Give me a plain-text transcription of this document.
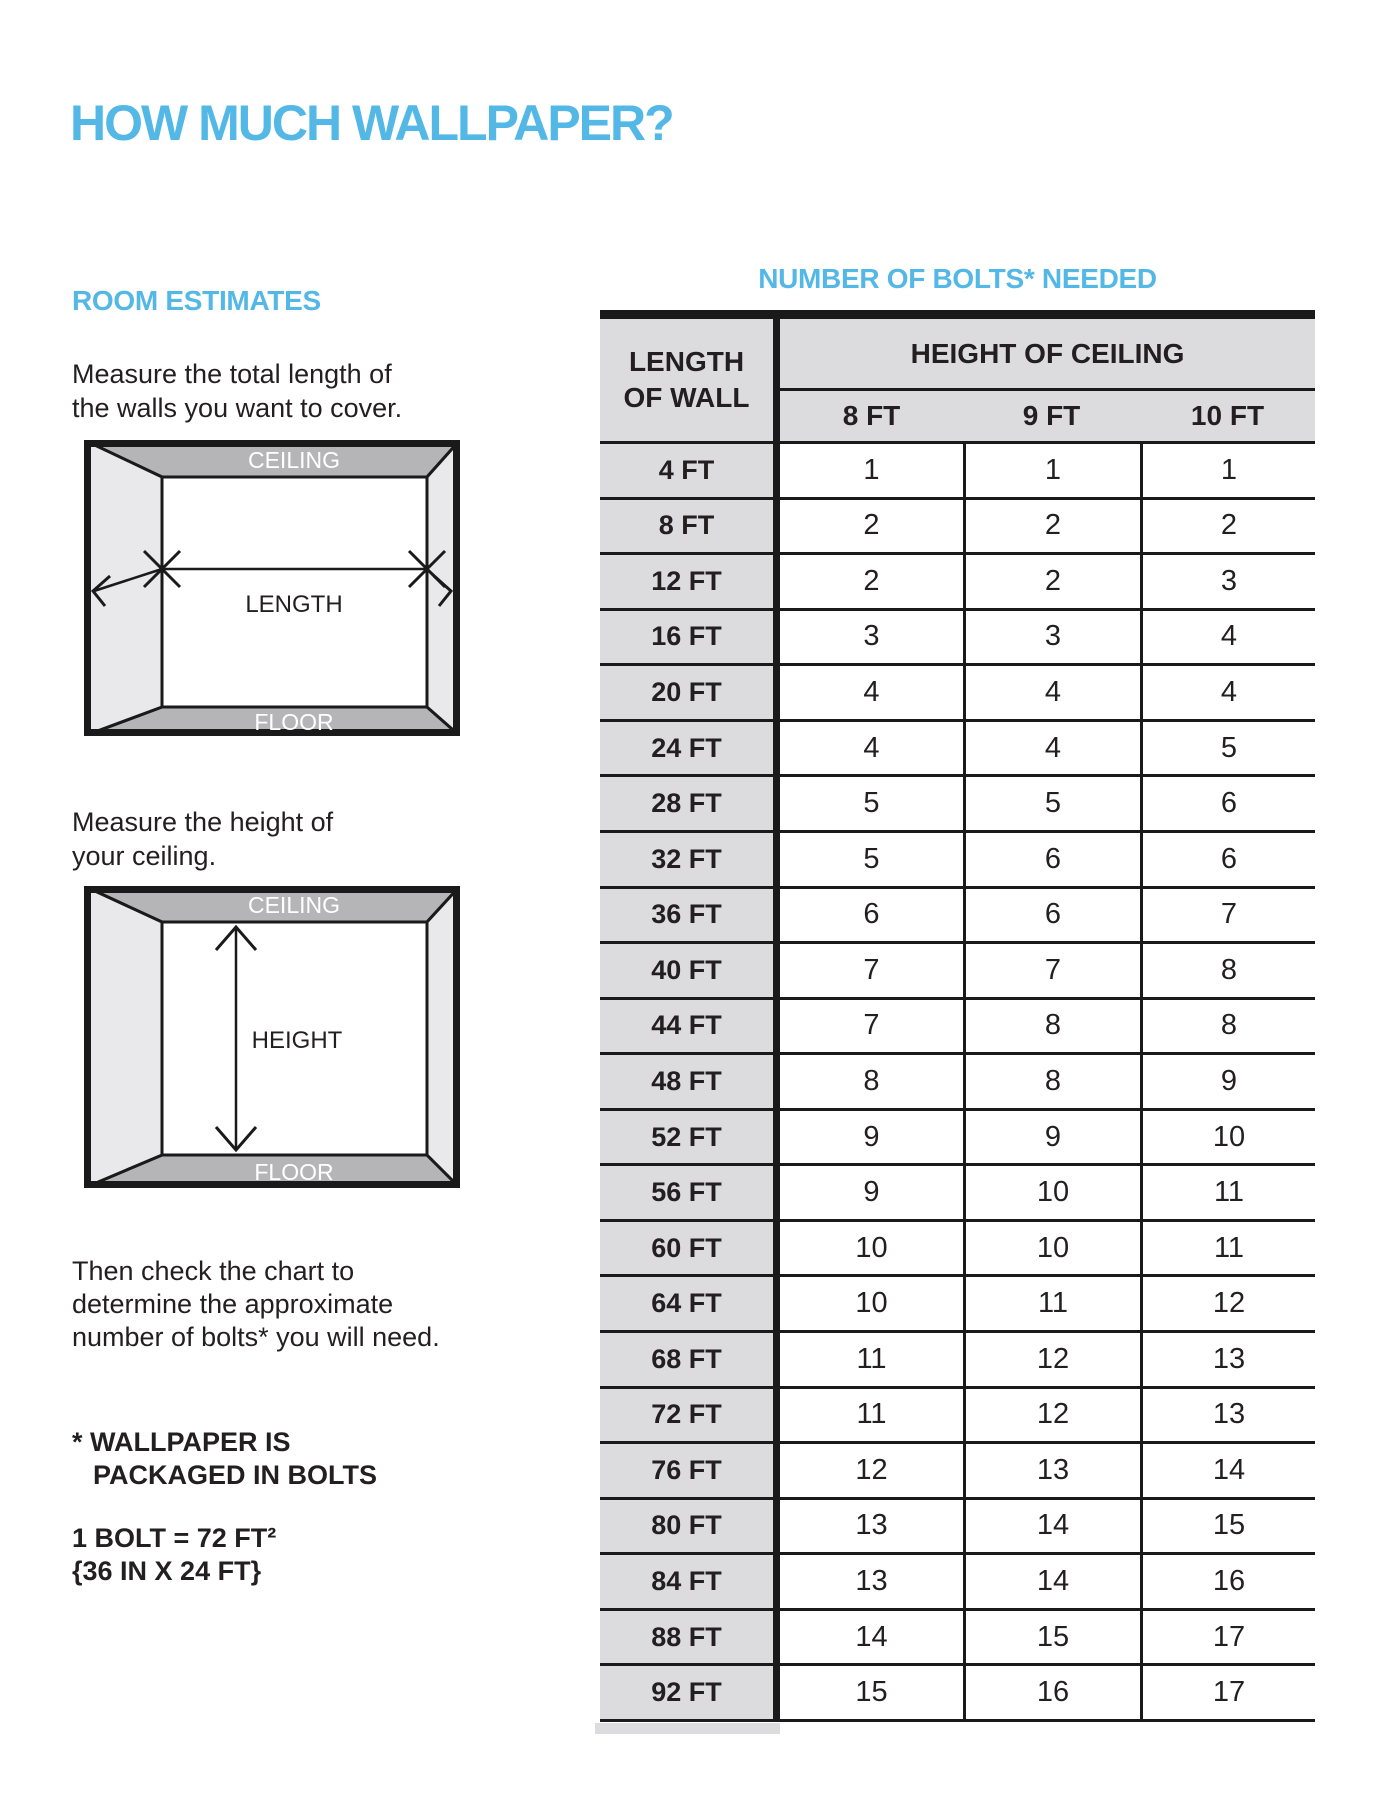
HOW MUCH WALLPAPER?
ROOM ESTIMATES

Measure the total length of
the walls you want to cover.

CEILING
FLOOR
LENGTH

Measure the height of
your ceiling.

CEILING
FLOOR
HEIGHT

Then check the chart to
determine the approximate
number of bolts* you will need.

* WALLPAPER IS
PACKAGED IN BOLTS
1 BOLT = 72 FT²
{36 IN X 24 FT}
NUMBER OF BOLTS* NEEDED
LENGTH OF WALL
HEIGHT OF CEILING
8 FT	9 FT	10 FT
4 FT	1	1	1
8 FT	2	2	2
12 FT	2	2	3
16 FT	3	3	4
20 FT	4	4	4
24 FT	4	4	5
28 FT	5	5	6
32 FT	5	6	6
36 FT	6	6	7
40 FT	7	7	8
44 FT	7	8	8
48 FT	8	8	9
52 FT	9	9	10
56 FT	9	10	11
60 FT	10	10	11
64 FT	10	11	12
68 FT	11	12	13
72 FT	11	12	13
76 FT	12	13	14
80 FT	13	14	15
84 FT	13	14	16
88 FT	14	15	17
92 FT	15	16	17
